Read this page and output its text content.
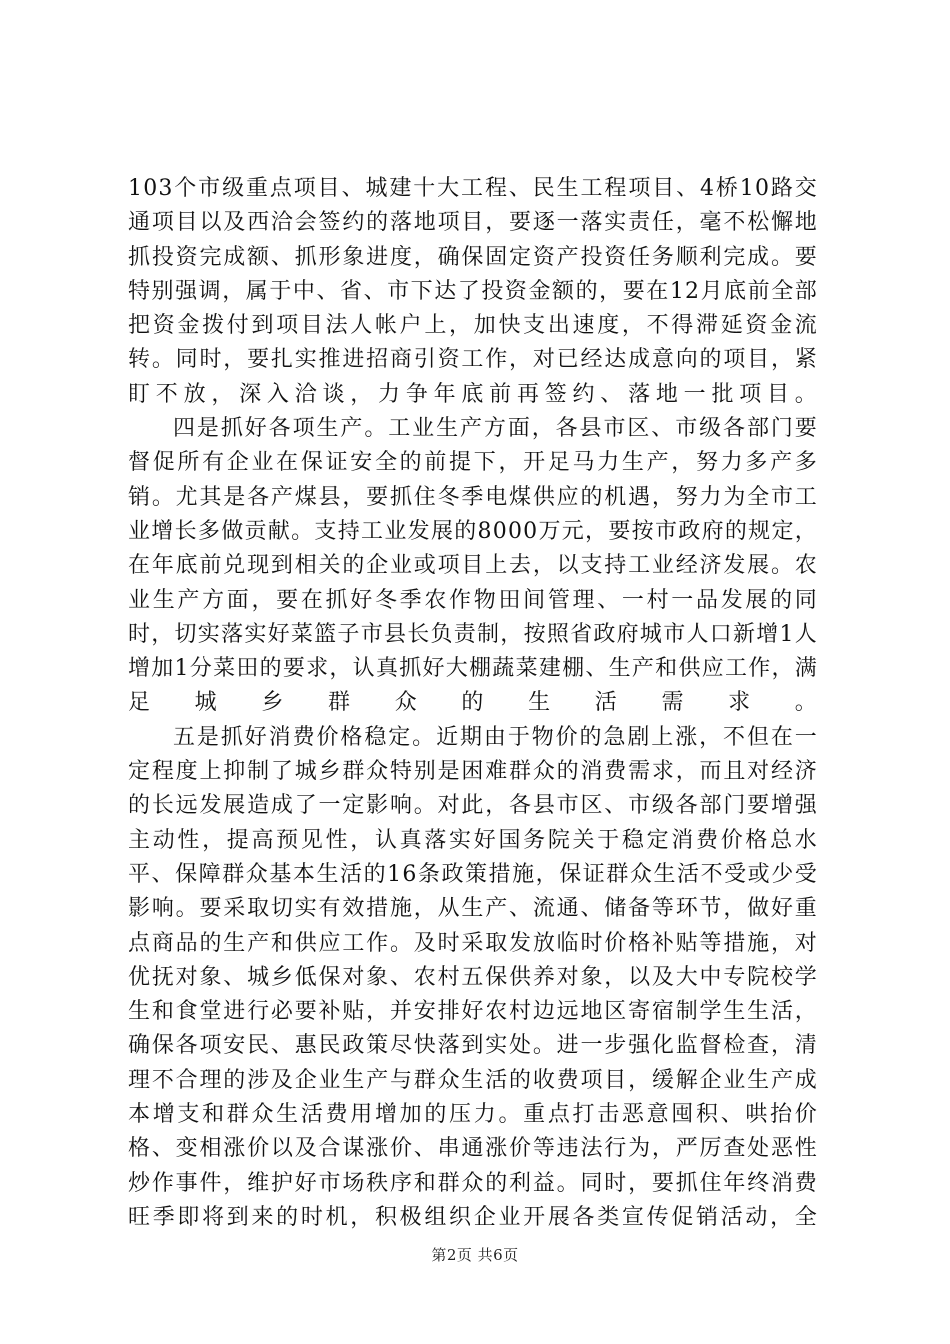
103个市级重点项目、城建十大工程、民生工程项目、4桥10路交通项目以及西洽会签约的落地项目，要逐一落实责任，毫不松懈地抓投资完成额、抓形象进度，确保固定资产投资任务顺利完成。要特别强调，属于中、省、市下达了投资金额的，要在12月底前全部把资金拨付到项目法人帐户上，加快支出速度，不得滞延资金流转。同时，要扎实推进招商引资工作，对已经达成意向的项目，紧盯不放，深入洽谈，力争年底前再签约、落地一批项目。

四是抓好各项生产。工业生产方面，各县市区、市级各部门要督促所有企业在保证安全的前提下，开足马力生产，努力多产多销。尤其是各产煤县，要抓住冬季电煤供应的机遇，努力为全市工业增长多做贡献。支持工业发展的8000万元，要按市政府的规定，在年底前兑现到相关的企业或项目上去，以支持工业经济发展。农业生产方面，要在抓好冬季农作物田间管理、一村一品发展的同时，切实落实好菜篮子市县长负责制，按照省政府城市人口新增1人增加1分菜田的要求，认真抓好大棚蔬菜建棚、生产和供应工作，满足城乡群众的生活需求。

五是抓好消费价格稳定。近期由于物价的急剧上涨，不但在一定程度上抑制了城乡群众特别是困难群众的消费需求，而且对经济的长远发展造成了一定影响。对此，各县市区、市级各部门要增强主动性，提高预见性，认真落实好国务院关于稳定消费价格总水平、保障群众基本生活的16条政策措施，保证群众生活不受或少受影响。要采取切实有效措施，从生产、流通、储备等环节，做好重点商品的生产和供应工作。及时采取发放临时价格补贴等措施，对优抚对象、城乡低保对象、农村五保供养对象，以及大中专院校学生和食堂进行必要补贴，并安排好农村边远地区寄宿制学生生活，确保各项安民、惠民政策尽快落到实处。进一步强化监督检查，清理不合理的涉及企业生产与群众生活的收费项目，缓解企业生产成本增支和群众生活费用增加的压力。重点打击恶意囤积、哄抬价格、变相涨价以及合谋涨价、串通涨价等违法行为，严厉查处恶性炒作事件，维护好市场秩序和群众的利益。同时，要抓住年终消费旺季即将到来的时机，积极组织企业开展各类宣传促销活动，全

第2页 共6页
